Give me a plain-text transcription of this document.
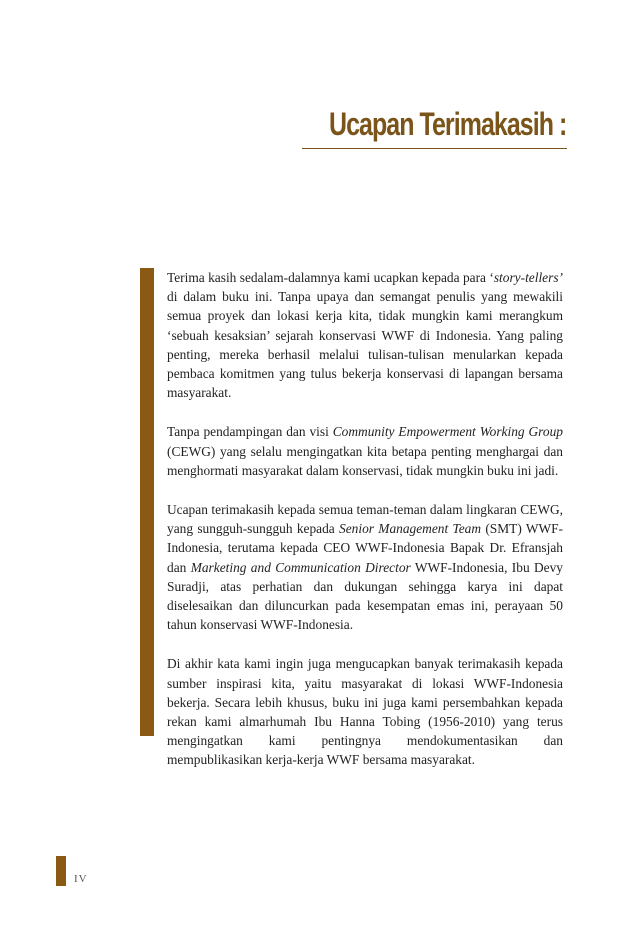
Ucapan Terimakasih :

Terima kasih sedalam-dalamnya kami ucapkan kepada para ‘story-tellers’ di dalam buku ini. Tanpa upaya dan semangat penulis yang mewakili semua proyek dan lokasi kerja kita, tidak mungkin kami merangkum ‘sebuah kesaksian’ sejarah konservasi WWF di Indonesia. Yang paling penting, mereka berhasil melalui tulisan-tulisan menularkan kepada pembaca komitmen yang tulus bekerja konservasi di lapangan bersama masyarakat.

Tanpa pendampingan dan visi Community Empowerment Working Group (CEWG) yang selalu mengingatkan kita betapa penting menghargai dan menghormati masyarakat dalam konservasi, tidak mungkin buku ini jadi.

Ucapan terimakasih kepada semua teman-teman dalam lingkaran CEWG, yang sungguh-sungguh kepada Senior Management Team (SMT) WWF-Indonesia, terutama kepada CEO WWF-Indonesia Bapak Dr. Efransjah dan Marketing and Communication Director WWF-Indonesia, Ibu Devy Suradji, atas perhatian dan dukungan sehingga karya ini dapat diselesaikan dan diluncurkan pada kesempatan emas ini, perayaan 50 tahun konservasi WWF-Indonesia.

Di akhir kata kami ingin juga mengucapkan banyak terimakasih kepada sumber inspirasi kita, yaitu masyarakat di lokasi WWF-Indonesia bekerja. Secara lebih khusus, buku ini juga kami persembahkan kepada rekan kami almarhumah Ibu Hanna Tobing (1956-2010) yang terus mengingatkan kami pentingnya mendokumentasikan dan mempublikasikan kerja-kerja WWF bersama masyarakat.

IV
